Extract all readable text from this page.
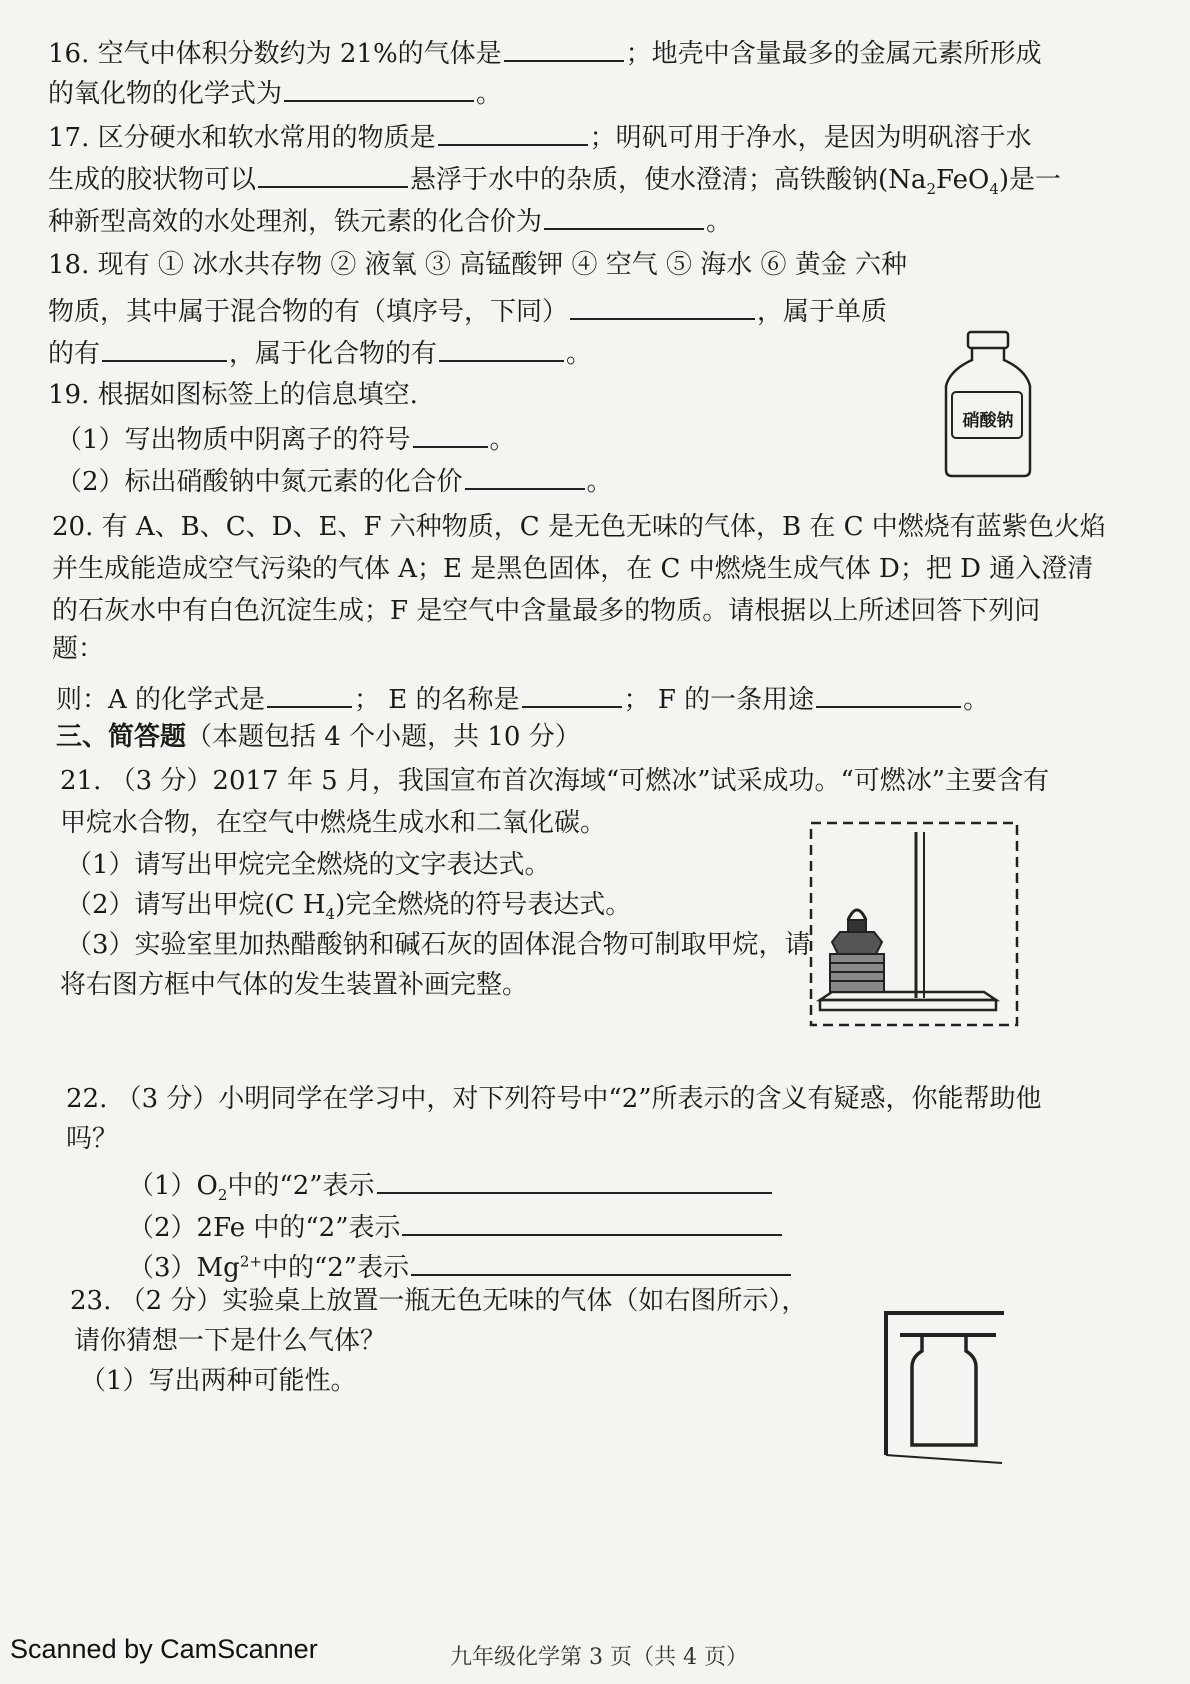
16. 空气中体积分数约为 21%的气体是	；地壳中含量最多的金属元素所形成
的氧化物的化学式为	。
17. 区分硬水和软水常用的物质是	；明矾可用于净水，是因为明矾溶于水
生成的胶状物可以	悬浮于水中的杂质，使水澄清；高铁酸钠$(Na_2FeO_4)$是一
种新型高效的水处理剂，铁元素的化合价为	。
18. 现有 ① 冰水共存物 ② 液氧 ③ 高锰酸钾 ④ 空气 ⑤ 海水 ⑥ 黄金 六种
物质，其中属于混合物的有（填序号，下同）	，属于单质
的有	，属于化合物的有	。
19. 根据如图标签上的信息填空.
（1）写出物质中阴离子的符号	。
（2）标出硝酸钠中氮元素的化合价	。
硝酸钠
20. 有 A、B、C、D、E、F 六种物质，C 是无色无味的气体，B 在 C 中燃烧有蓝紫色火焰
并生成能造成空气污染的气体 A；E 是黑色固体，在 C 中燃烧生成气体 D；把 D 通入澄清
的石灰水中有白色沉淀生成；F 是空气中含量最多的物质。请根据以上所述回答下列问
题：
则：A 的化学式是	； E 的名称是	； F 的一条用途	。
三、简答题（本题包括 4 个小题，共 10 分）
21. （3 分）2017 年 5 月，我国宣布首次海域“可燃冰”试采成功。“可燃冰”主要含有
甲烷水合物，在空气中燃烧生成水和二氧化碳。
（1）请写出甲烷完全燃烧的文字表达式。
（2）请写出甲烷(C $H_4$)完全燃烧的符号表达式。
（3）实验室里加热醋酸钠和碱石灰的固体混合物可制取甲烷，请
将右图方框中气体的发生装置补画完整。
22. （3 分）小明同学在学习中，对下列符号中“2”所表示的含义有疑惑，你能帮助他
吗？
$(1)O_2$中的“2”表示
（2）2Fe 中的“2”表示
$(3)Mg^{2+}$中的“2”表示
23. （2 分）实验桌上放置一瓶无色无味的气体（如右图所示），
请你猜想一下是什么气体？
（1）写出两种可能性。
九年级化学第 3 页（共 4 页）
Scanned by CamScanner
